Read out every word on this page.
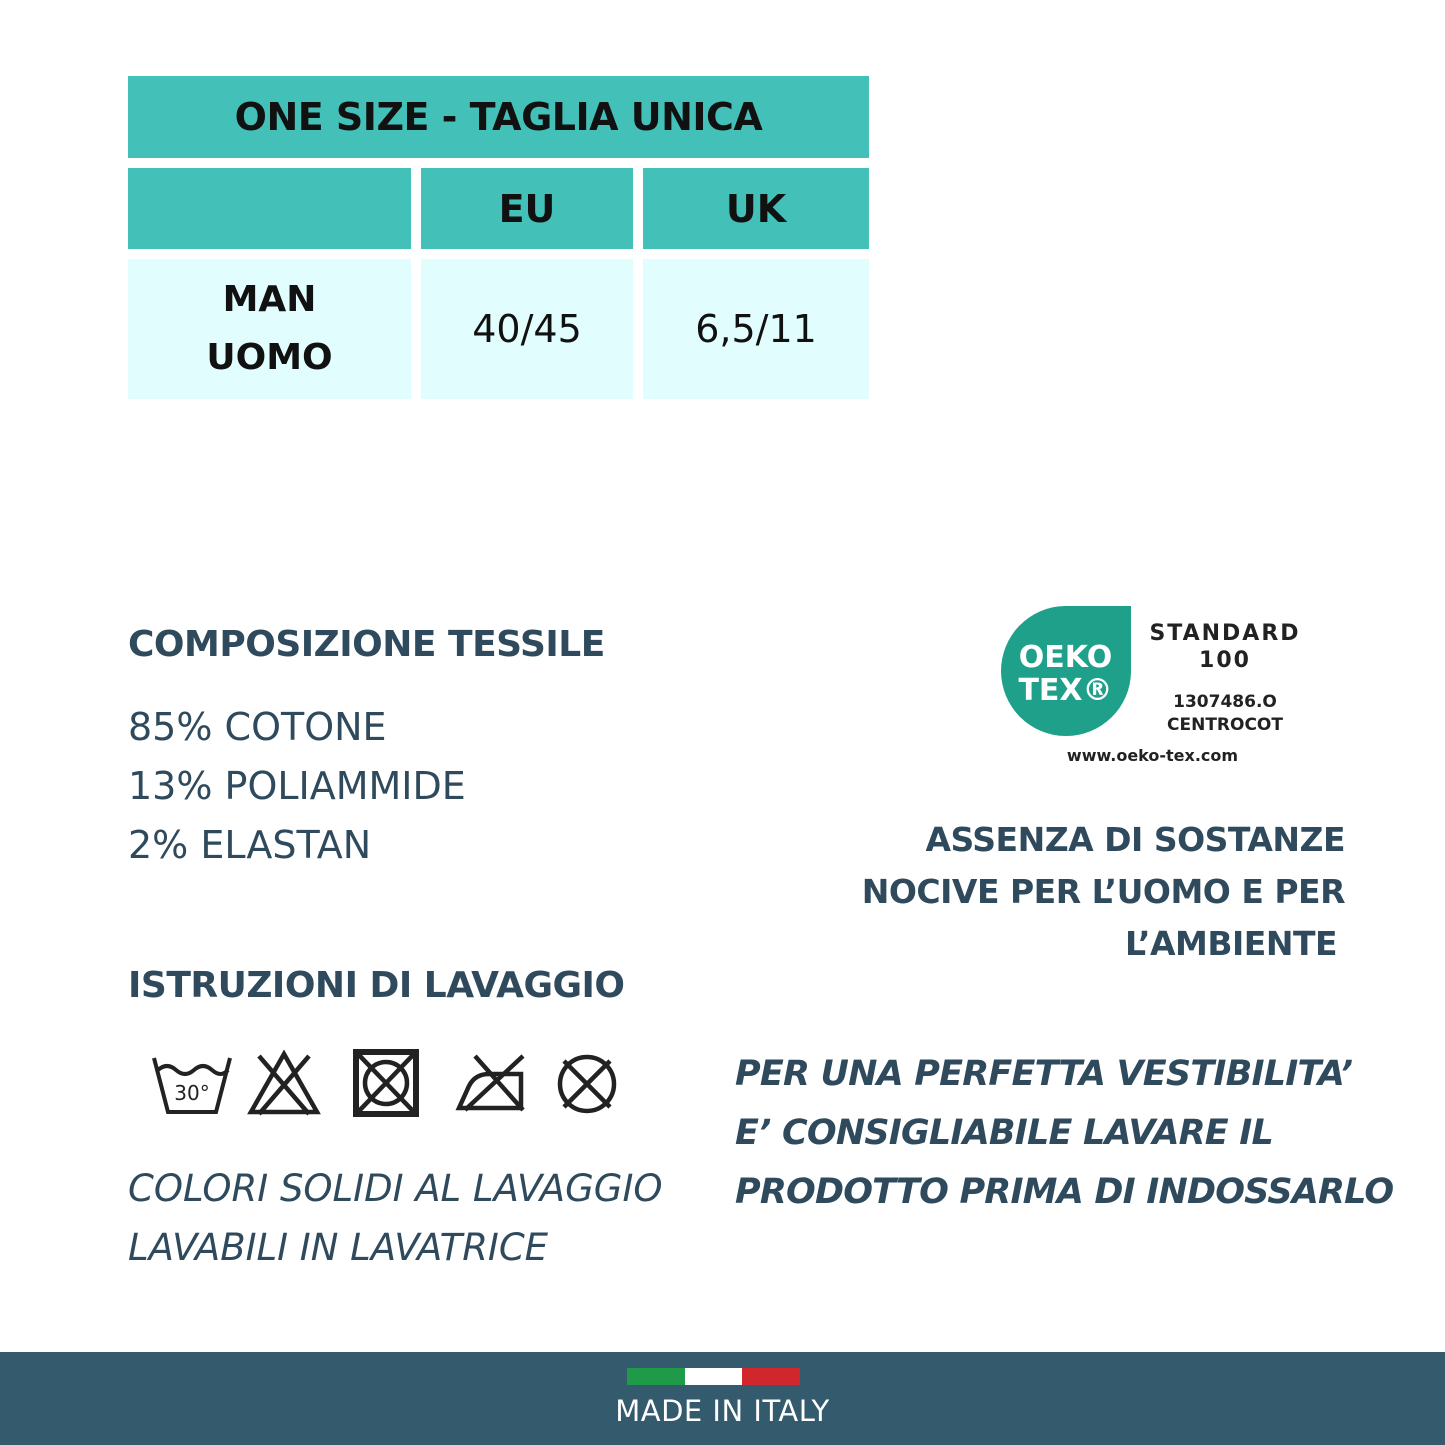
ONE SIZE - TAGLIA UNICA
EU	UK
MAN
UOMO
40/45	6,5/11
COMPOSIZIONE TESSILE
85% COTONE
13% POLIAMMIDE
2% ELASTAN
ISTRUZIONI DI LAVAGGIO
30°
COLORI SOLIDI AL LAVAGGIO
LAVABILI IN LAVATRICE
OEKO
TEX®
STANDARD
100
1307486.O
CENTROCOT
www.oeko-tex.com
ASSENZA DI SOSTANZE
NOCIVE PER L’UOMO E PER
L’AMBIENTE
PER UNA PERFETTA VESTIBILITA’
E’ CONSIGLIABILE LAVARE IL
PRODOTTO PRIMA DI INDOSSARLO
MADE IN ITALY
